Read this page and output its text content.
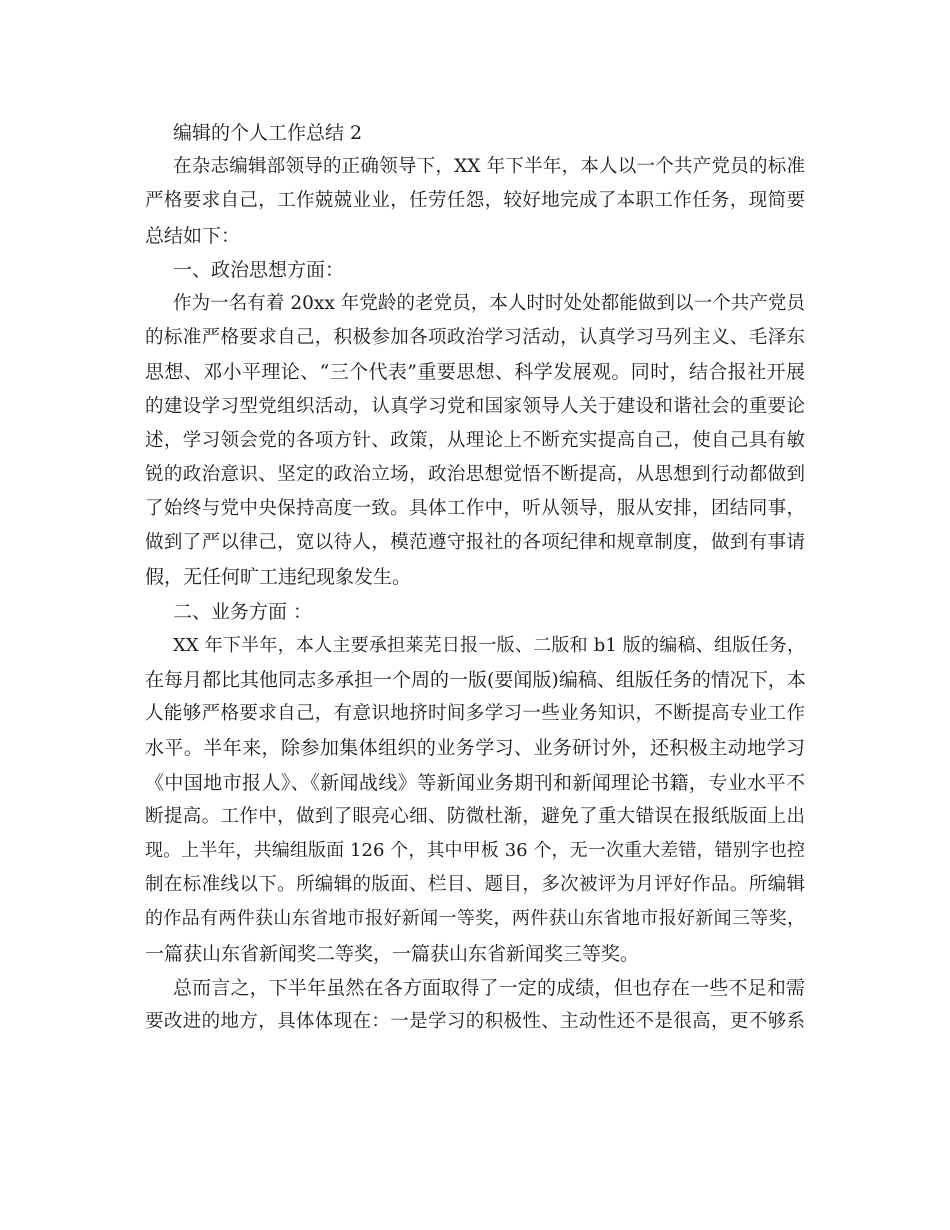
编辑的个人工作总结 2
在杂志编辑部领导的正确领导下，XX 年下半年，本人以一个共产党员的标准
严格要求自己，工作兢兢业业，任劳任怨，较好地完成了本职工作任务，现简要
总结如下：
一、政治思想方面：
作为一名有着 20xx 年党龄的老党员，本人时时处处都能做到以一个共产党员
的标准严格要求自己，积极参加各项政治学习活动，认真学习马列主义、毛泽东
思想、邓小平理论、“三个代表”重要思想、科学发展观。同时，结合报社开展
的建设学习型党组织活动，认真学习党和国家领导人关于建设和谐社会的重要论
述，学习领会党的各项方针、政策，从理论上不断充实提高自己，使自己具有敏
锐的政治意识、坚定的政治立场，政治思想觉悟不断提高，从思想到行动都做到
了始终与党中央保持高度一致。具体工作中，听从领导，服从安排，团结同事，
做到了严以律己，宽以待人，模范遵守报社的各项纪律和规章制度，做到有事请
假，无任何旷工违纪现象发生。
二、业务方面 ：
XX 年下半年，本人主要承担莱芜日报一版、二版和 b1 版的编稿、组版任务，
在每月都比其他同志多承担一个周的一版(要闻版)编稿、组版任务的情况下，本
人能够严格要求自己，有意识地挤时间多学习一些业务知识，不断提高专业工作
水平。半年来，除参加集体组织的业务学习、业务研讨外，还积极主动地学习
《中国地市报人》、《新闻战线》等新闻业务期刊和新闻理论书籍，专业水平不
断提高。工作中，做到了眼亮心细、防微杜渐，避免了重大错误在报纸版面上出
现。上半年，共编组版面 126 个，其中甲板 36 个，无一次重大差错，错别字也控
制在标准线以下。所编辑的版面、栏目、题目，多次被评为月评好作品。所编辑
的作品有两件获山东省地市报好新闻一等奖，两件获山东省地市报好新闻三等奖，
一篇获山东省新闻奖二等奖，一篇获山东省新闻奖三等奖。
总而言之，下半年虽然在各方面取得了一定的成绩，但也存在一些不足和需
要改进的地方，具体体现在：一是学习的积极性、主动性还不是很高，更不够系
